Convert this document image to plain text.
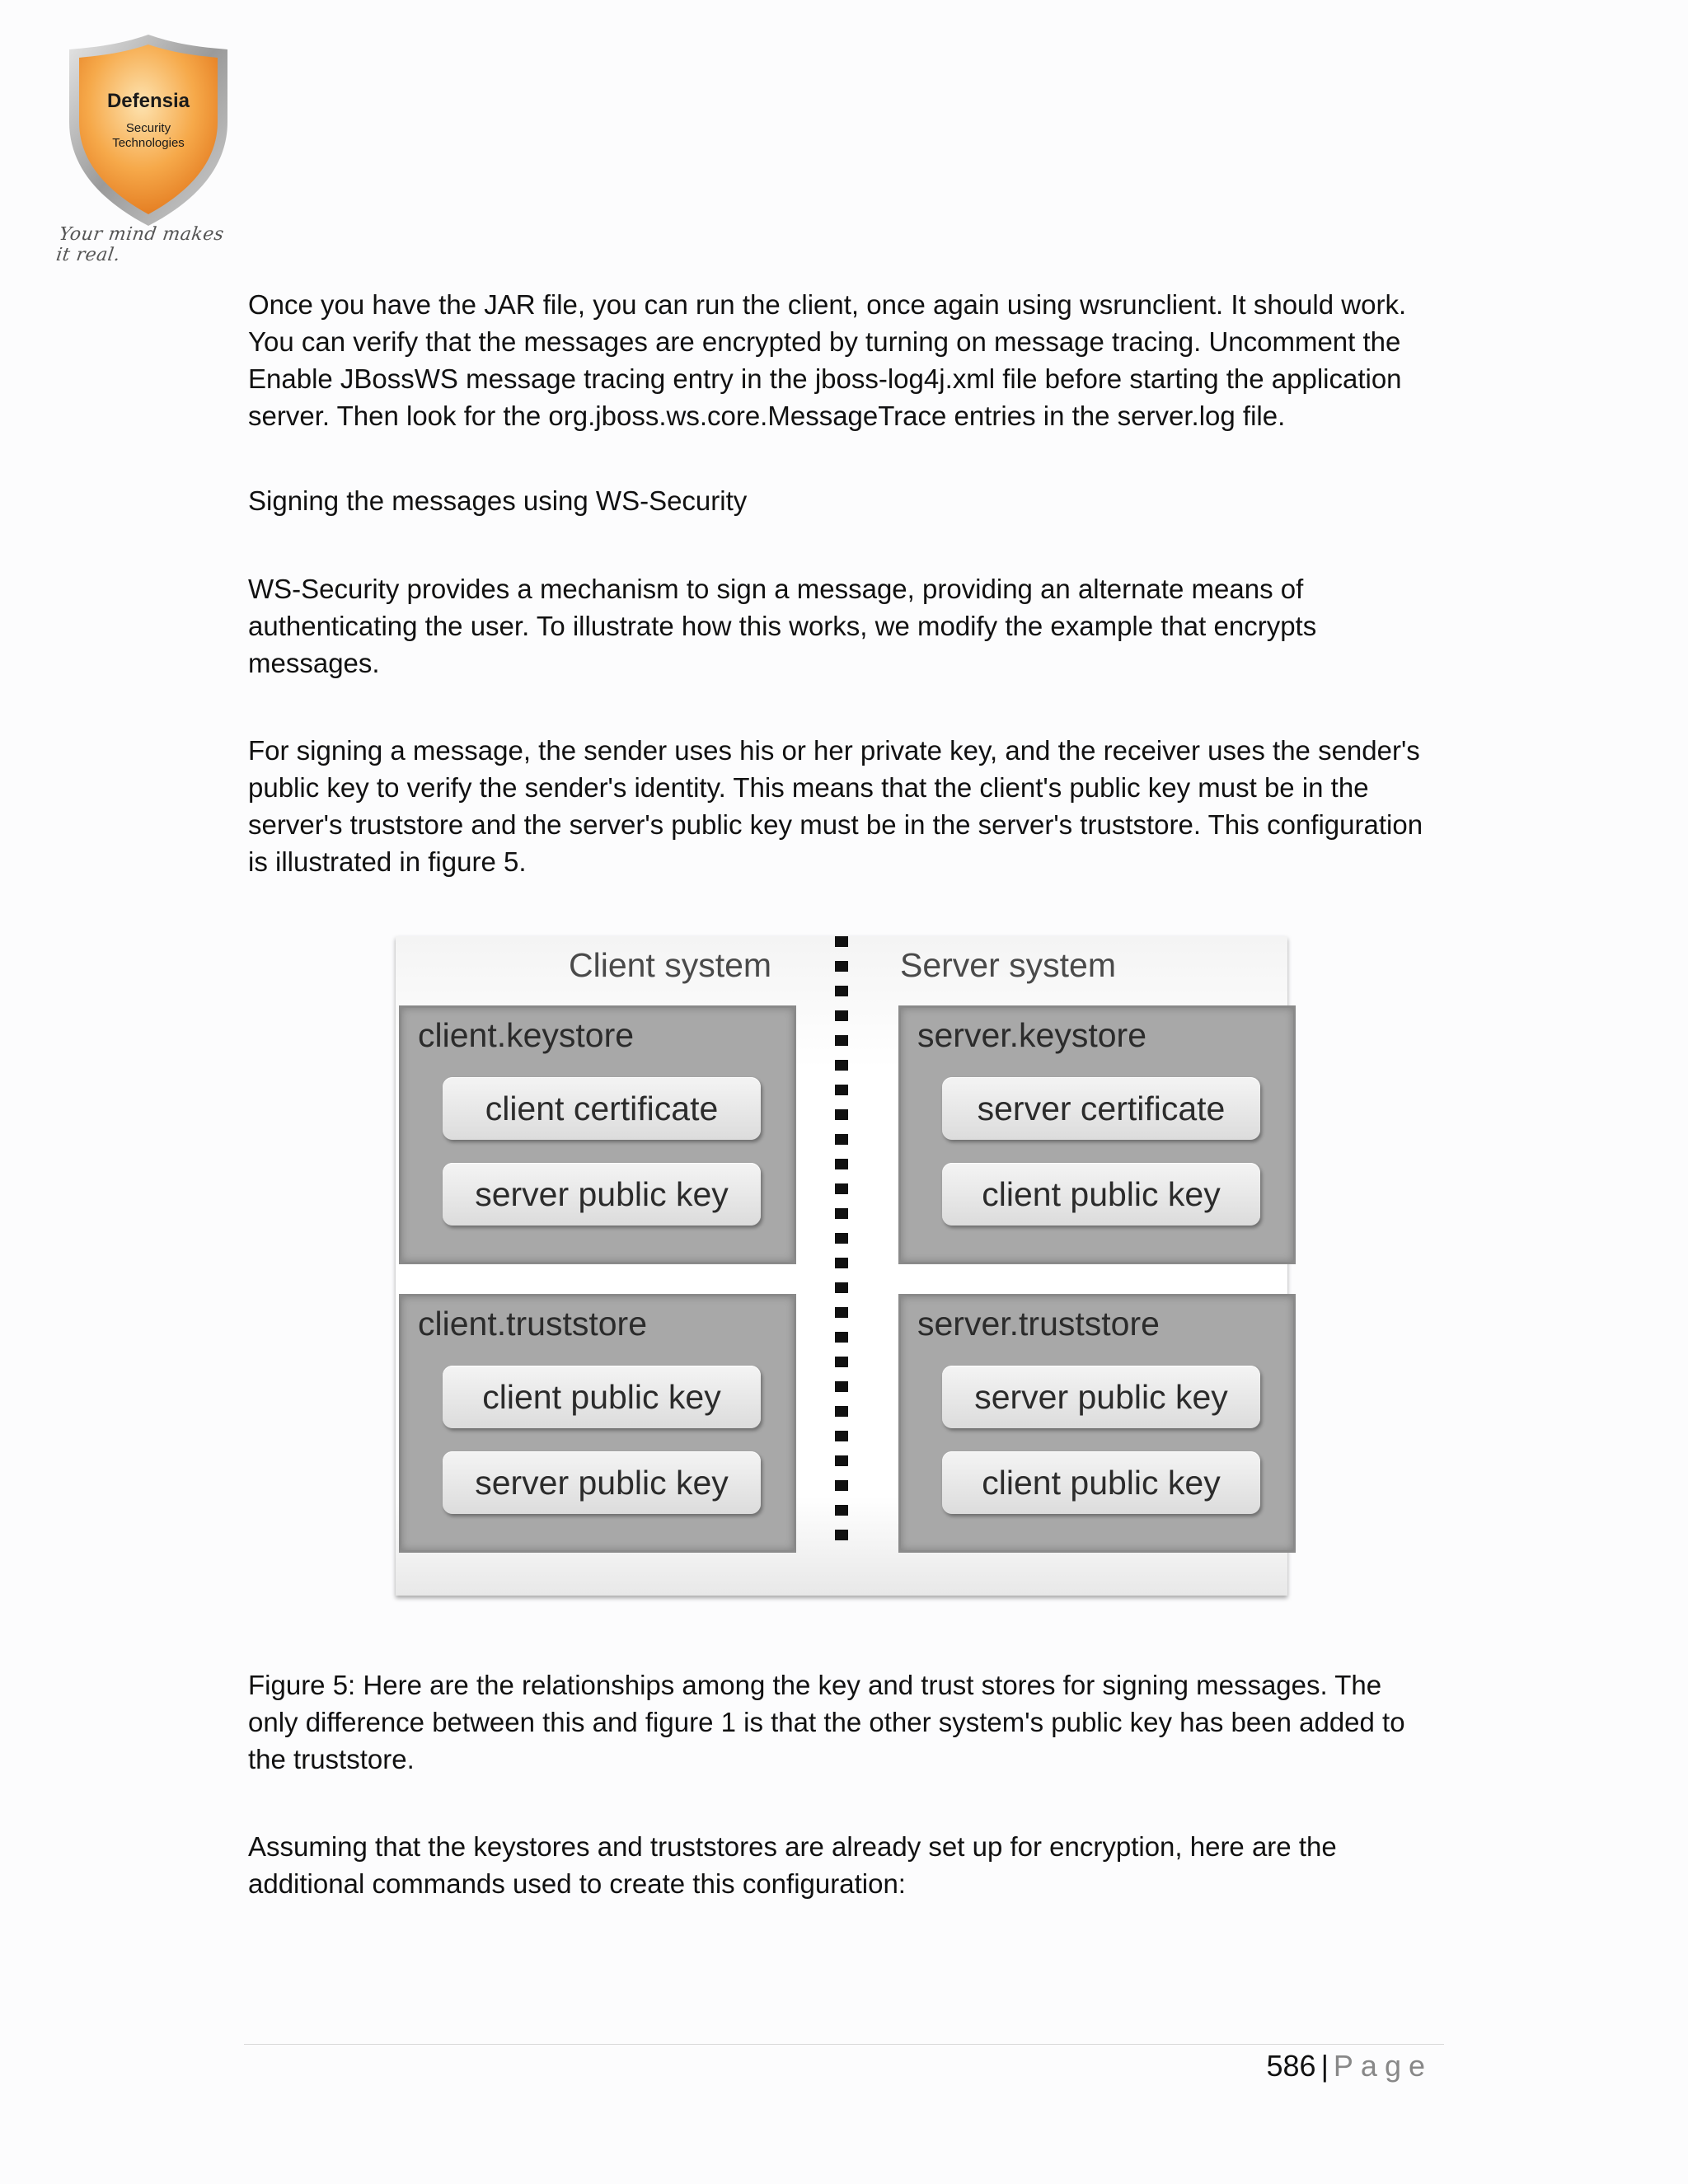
Defensia
Security
Technologies
Your mind makes it real.

Once you have the JAR file, you can run the client, once again using wsrunclient. It should work. You can verify that the messages are encrypted by turning on message tracing. Uncomment the Enable JBossWS message tracing entry in the jboss-log4j.xml file before starting the application server. Then look for the org.jboss.ws.core.MessageTrace entries in the server.log file.

Signing the messages using WS-Security

WS-Security provides a mechanism to sign a message, providing an alternate means of authenticating the user. To illustrate how this works, we modify the example that encrypts messages.

For signing a message, the sender uses his or her private key, and the receiver uses the sender's public key to verify the sender's identity. This means that the client's public key must be in the server's truststore and the server's public key must be in the server's truststore. This configuration is illustrated in figure 5.

Client system	Server system
client.keystore
client certificate
server public key
server.keystore
server certificate
client public key
client.truststore
client public key
server public key
server.truststore
server public key
client public key

Figure 5: Here are the relationships among the key and trust stores for signing messages. The only difference between this and figure 1 is that the other system's public key has been added to the truststore.

Assuming that the keystores and truststores are already set up for encryption, here are the additional commands used to create this configuration:

586 | Page
